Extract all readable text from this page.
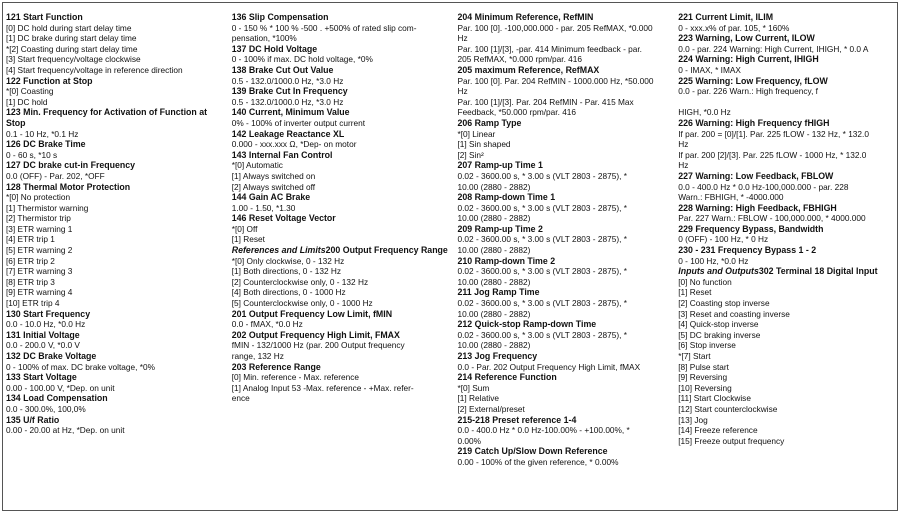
121 Start Function
[0] DC hold during start delay time
[1] DC brake during start delay time
*[2] Coasting during start delay time
[3] Start frequency/voltage clockwise
[4] Start frequency/voltage in reference direction
122 Function at Stop
*[0] Coasting
[1] DC hold
123 Min. Frequency for Activation of Function at Stop
0.1 - 10 Hz, *0.1 Hz
126 DC Brake Time
0 - 60 s, *10 s
127 DC brake cut-in Frequency
0.0 (OFF) - Par. 202, *OFF
128 Thermal Motor Protection
*[0] No protection
[1] Thermistor warning
[2] Thermistor trip
[3] ETR warning 1
[4] ETR trip 1
[5] ETR warning 2
[6] ETR trip 2
[7] ETR warning 3
[8] ETR trip 3
[9] ETR warning 4
[10] ETR trip 4
130 Start Frequency
0.0 - 10.0 Hz, *0.0 Hz
131 Initial Voltage
0.0 - 200.0 V, *0.0 V
132 DC Brake Voltage
0 - 100% of max. DC brake voltage, *0%
133 Start Voltage
0.00 - 100.00 V, *Dep. on unit
134 Load Compensation
0.0 - 300.0%, 100,0%
135 U/f Ratio
0.00 - 20.00 at Hz, *Dep. on unit
136 Slip Compensation
0 - 150 % * 100 % -500 . +500% of rated slip com-
pensation, *100%
137 DC Hold Voltage
0 - 100% if max. DC hold voltage, *0%
138 Brake Cut Out Value
0.5 - 132.0/1000.0 Hz, *3.0 Hz
139 Brake Cut In Frequency
0.5 - 132.0/1000.0 Hz, *3.0 Hz
140 Current, Minimum Value
0% - 100% of inverter output current
142 Leakage Reactance XL
0.000 - xxx.xxx Ω, *Dep- on motor
143 Internal Fan Control
*[0] Automatic
[1] Always switched on
[2] Always switched off
144 Gain AC Brake
1.00 - 1.50, *1.30
146 Reset Voltage Vector
*[0] Off
[1] Reset
References and Limits200 Output Frequency Range
*[0] Only clockwise, 0 - 132 Hz
[1] Both directions, 0 - 132 Hz
[2] Counterclockwise only, 0 - 132 Hz
[4] Both directions, 0 - 1000 Hz
[5] Counterclockwise only, 0 - 1000 Hz
201 Output Frequency Low Limit, fMIN
0.0 - fMAX, *0.0 Hz
202 Output Frequency High Limit, FMAX
fMIN - 132/1000 Hz (par. 200 Output frequency
range, 132 Hz
203 Reference Range
[0] Min. reference - Max. reference
[1] Analog Input 53 -Max. reference - +Max. refer-
ence
204 Minimum Reference, RefMIN
Par. 100 [0]. -100,000.000 - par. 205 RefMAX, *0.000
Hz
Par. 100 [1]/[3], -par. 414 Minimum feedback - par.
205 RefMAX, *0.000 rpm/par. 416
205 maximum Reference, RefMAX
Par. 100 [0]. Par. 204 RefMIN - 1000.000 Hz, *50.000
Hz
Par. 100 [1]/[3]. Par. 204 RefMIN - Par. 415 Max
Feedback, *50.000 rpm/par. 416
206 Ramp Type
*[0] Linear
[1] Sin shaped
[2] Sin²
207 Ramp-up Time 1
0.02 - 3600.00 s, * 3.00 s (VLT 2803 - 2875), *
10.00 (2880 - 2882)
208 Ramp-down Time 1
0.02 - 3600.00 s, * 3.00 s (VLT 2803 - 2875), *
10.00 (2880 - 2882)
209 Ramp-up Time 2
0.02 - 3600.00 s, * 3.00 s (VLT 2803 - 2875), *
10.00 (2880 - 2882)
210 Ramp-down Time 2
0.02 - 3600.00 s, * 3.00 s (VLT 2803 - 2875), *
10.00 (2880 - 2882)
211 Jog Ramp Time
0.02 - 3600.00 s, * 3.00 s (VLT 2803 - 2875), *
10.00 (2880 - 2882)
212 Quick-stop Ramp-down Time
0.02 - 3600.00 s, * 3.00 s (VLT 2803 - 2875), *
10.00 (2880 - 2882)
213 Jog Frequency
0.0 - Par. 202 Output Frequency High Limit, fMAX
214 Reference Function
*[0] Sum
[1] Relative
[2] External/preset
215-218 Preset reference 1-4
0.0 - 400.0 Hz * 0.0 Hz-100.00% - +100.00%, *
0.00%
219 Catch Up/Slow Down Reference
0.00 - 100% of the given reference, * 0.00%
221 Current Limit, ILIM
0 - xxx.x% of par. 105, * 160%
223 Warning, Low Current, ILOW
0.0 - par. 224 Warning: High Current, IHIGH, * 0.0 A
224 Warning: High Current, IHIGH
0 - IMAX, * IMAX
225 Warning: Low Frequency, fLOW
0.0 - par. 226 Warn.: High frequency, f

HIGH, *0.0 Hz
226 Warning: High Frequency fHIGH
If par. 200 = [0]/[1]. Par. 225 fLOW - 132 Hz, * 132.0
Hz
If par. 200 [2]/[3]. Par. 225 fLOW - 1000 Hz, * 132.0
Hz
227 Warning: Low Feedback, FBLOW
0.0 - 400.0 Hz * 0.0 Hz-100,000.000 - par. 228
Warn.: FBHIGH, * -4000.000
228 Warning: High Feedback, FBHIGH
Par. 227 Warn.: FBLOW - 100,000.000, * 4000.000
229 Frequency Bypass, Bandwidth
0 (OFF) - 100 Hz, * 0 Hz
230 - 231 Frequency Bypass 1 - 2
0 - 100 Hz, *0.0 Hz
Inputs and Outputs302 Terminal 18 Digital Input
[0] No function
[1] Reset
[2] Coasting stop inverse
[3] Reset and coasting inverse
[4] Quick-stop inverse
[5] DC braking inverse
[6] Stop inverse
*[7] Start
[8] Pulse start
[9] Reversing
[10] Reversing
[11] Start Clockwise
[12] Start counterclockwise
[13] Jog
[14] Freeze reference
[15] Freeze output frequency
